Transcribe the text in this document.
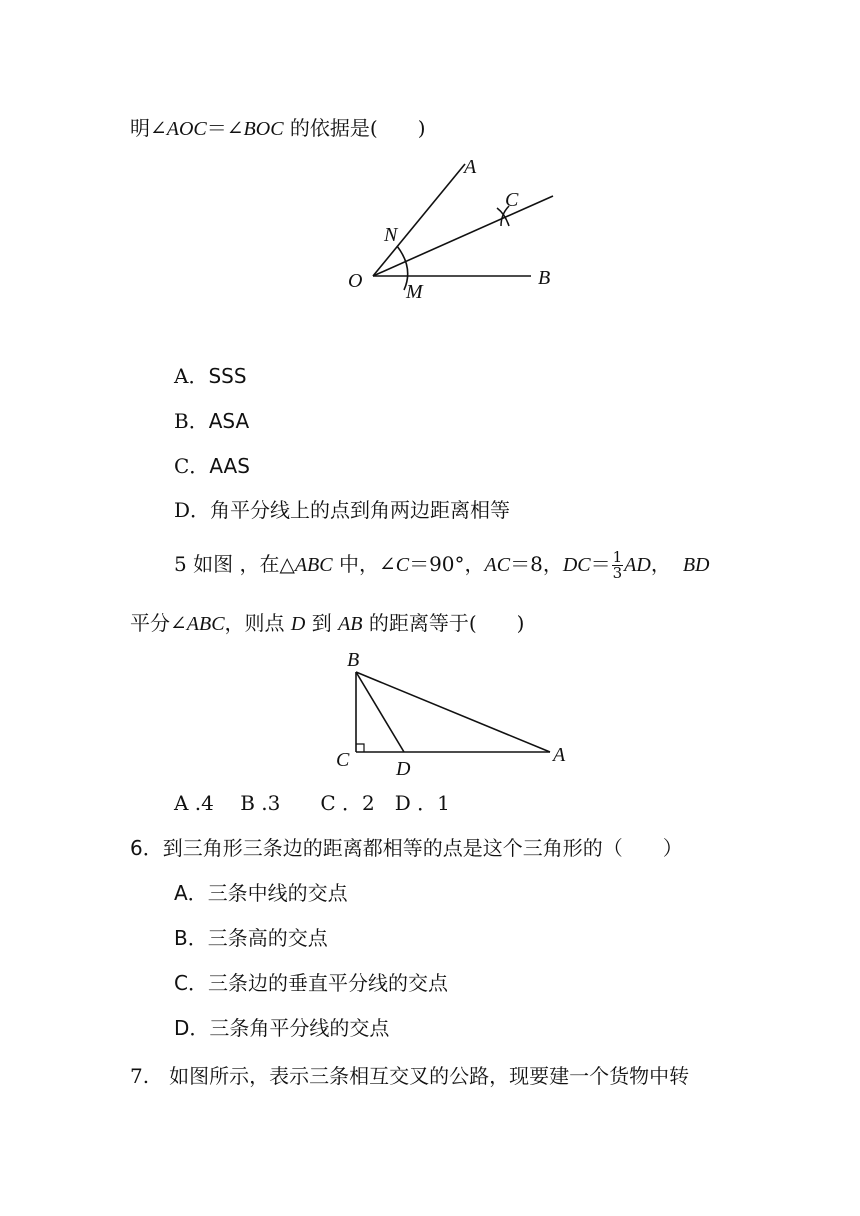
明∠AOC＝∠BOC 的依据是(　　)
A
C
N
O M
B
A．SSS
B．ASA
C．AAS
D．角平分线上的点到角两边距离相等
5 如图 ，在△ABC 中，∠C＝90°，AC＝8，$DC= \frac{1}{3}$ AD， BD
平分∠ABC，则点 D 到 AB 的距离等于(　　)
B
C D
A
A .4　 B .3　　C ．2　D ．1
6．到三角形三条边的距离都相等的点是这个三角形的（　　）
A．三条中线的交点
B．三条高的交点
C．三条边的垂直平分线的交点
D．三条角平分线的交点
7.　如图所示，表示三条相互交叉的公路，现要建一个货物中转
